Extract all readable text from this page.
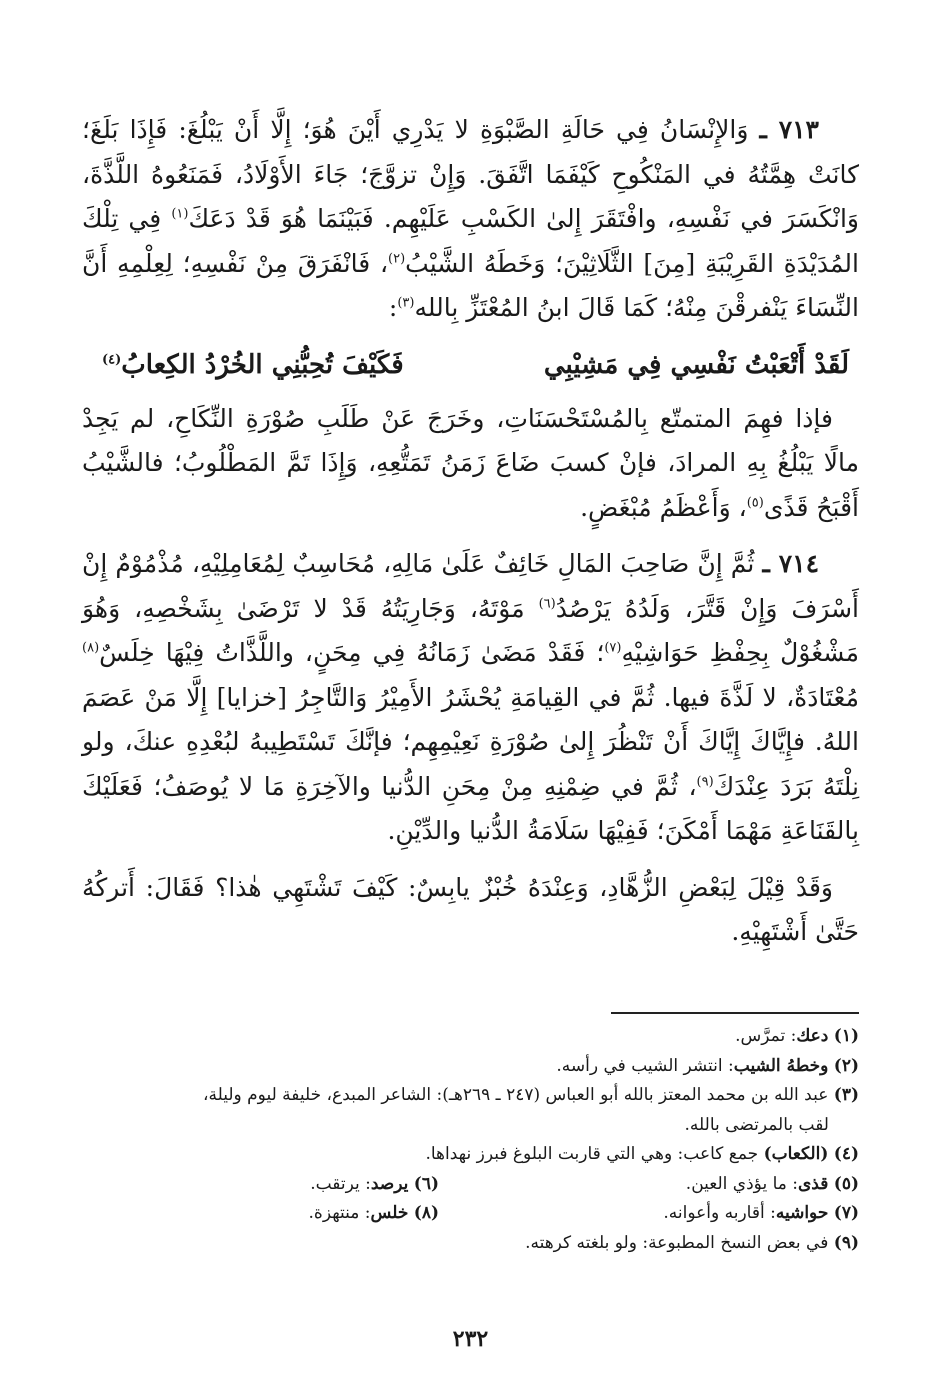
٧١٣ ـ وَالإِنْسَانُ فِي حَالَةِ الصَّبْوَةِ لا يَدْرِي أَيْنَ هُوَ؛ إِلَّا أَنْ يَبْلُغَ: فَإِذَا بَلَغَ؛ كانَتْ هِمَّتُهُ في المَنْكُوحِ كَيْفَمَا اتَّفَقَ. وَإِنْ تزوَّجَ؛ جَاءَ الأَوْلَادُ، فَمَنَعُوهُ اللَّذَّةَ، وَانْكَسَرَ في نَفْسِهِ، وافْتَقَرَ إِلىٰ الكَسْبِ عَلَيْهِم. فَبَيْنَمَا هُوَ قَدْ دَعَكَ$^{(١)}$ فِي تِلْكَ المُدَيْدَةِ القَرِيْبَةِ [مِنَ] الثَّلَاثِيْنَ؛ وَخَطَهُ الشَّيْبُ$^{(٢)}$، فَانْفَرَقَ مِنْ نَفْسِهِ؛ لِعِلْمِهِ أَنَّ النِّسَاءَ يَنْفرقْنَ مِنْهُ؛ كَمَا قَالَ ابنُ المُعْتَزِّ بِالله$^{(٣)}$:

لَقَدْ أَتْعَبْتُ نَفْسِي فِي مَشِيْبِي
فَكَيْفَ تُحِبُّنِي الخُرْدُ الكِعابُ$^{(٤)}$

فإذا فهِمَ المتمتّع بِالمُسْتَحْسَنَاتِ، وخَرَجَ عَنْ طَلَبِ صُوْرَةِ النِّكَاحِ، لم يَجِدْ مالًا يَبْلُغُ بِهِ المرادَ، فإنْ كسبَ ضَاعَ زَمَنُ تَمَتُّعِهِ، وَإِذَا تَمَّ المَطْلُوبُ؛ فالشَّيْبُ أَقْبَحُ قَذًى$^{(٥)}$، وَأَعْظَمُ مُبْغَضٍ.

٧١٤ ـ ثُمَّ إِنَّ صَاحِبَ المَالِ خَائِفٌ عَلَىٰ مَالِهِ، مُحَاسِبٌ لِمُعَامِلِيْهِ، مُذْمُوْمٌ إِنْ أَسْرَفَ وَإِنْ قَتَّرَ، وَلَدُهُ يَرْصُدُ$^{(٦)}$ مَوْتَهُ، وَجَارِيَتُهُ قَدْ لا تَرْضَىٰ بِشَخْصِهِ، وَهُوَ مَشْغُوْلٌ بِحِفْظِ حَوَاشِيْهِ$^{(٧)}$؛ فَقَدْ مَضَىٰ زَمَانُهُ فِي مِحَنٍ، واللَّذَّاتُ فِيْهَا خِلَسٌ$^{(٨)}$ مُعْتَادَةٌ، لا لَذَّةَ فيها. ثُمَّ في القِيامَةِ يُحْشَرُ الأَمِيْرُ وَالتَّاجِرُ [خزايا] إِلَّا مَنْ عَصَمَ اللهُ. فإِيَّاكَ إِيَّاكَ أَنْ تَنْظُرَ إِلىٰ صُوْرَةِ نَعِيْمِهِم؛ فإنَّكَ تَسْتَطِيبهُ لبُعْدِهِ عنكَ، ولو نِلْتَهُ بَرَدَ عِنْدَكَ$^{(٩)}$، ثُمَّ في ضِمْنِهِ مِنْ مِحَنِ الدُّنيا والآخِرَةِ مَا لا يُوصَفُ؛ فَعَلَيْكَ بِالقَنَاعَةِ مَهْمَا أَمْكَنَ؛ فَفِيْهَا سَلَامَةُ الدُّنيا والدِّيْنِ.

وَقَدْ قِيْلَ لِبَعْضِ الزُّهَّادِ، وَعِنْدَهُ خُبْزٌ يابِسٌ: كَيْفَ تَشْتَهِي هٰذا؟ فَقَالَ: أَتركُهُ حَتَّىٰ أَشْتَهِيْهِ.

(١) دعك: تمرَّس.

(٢) وخطهُ الشيب: انتشر الشيب في رأسه.

(٣) عبد الله بن محمد المعتز بالله أبو العباس (٢٤٧ ـ ٢٦٩هـ): الشاعر المبدع، خليفة ليوم وليلة،

لقب بالمرتضى بالله.

(٤) (الكعاب) جمع كاعب: وهي التي قاربت البلوغ فبرز نهداها.

(٥) قذى: ما يؤذي العين.

(٦) يرصد: يرتقب.

(٧) حواشيه: أقاربه وأعوانه.

(٨) خلس: منتهزة.

(٩) في بعض النسخ المطبوعة: ولو بلغته كرهته.

٢٣٢
